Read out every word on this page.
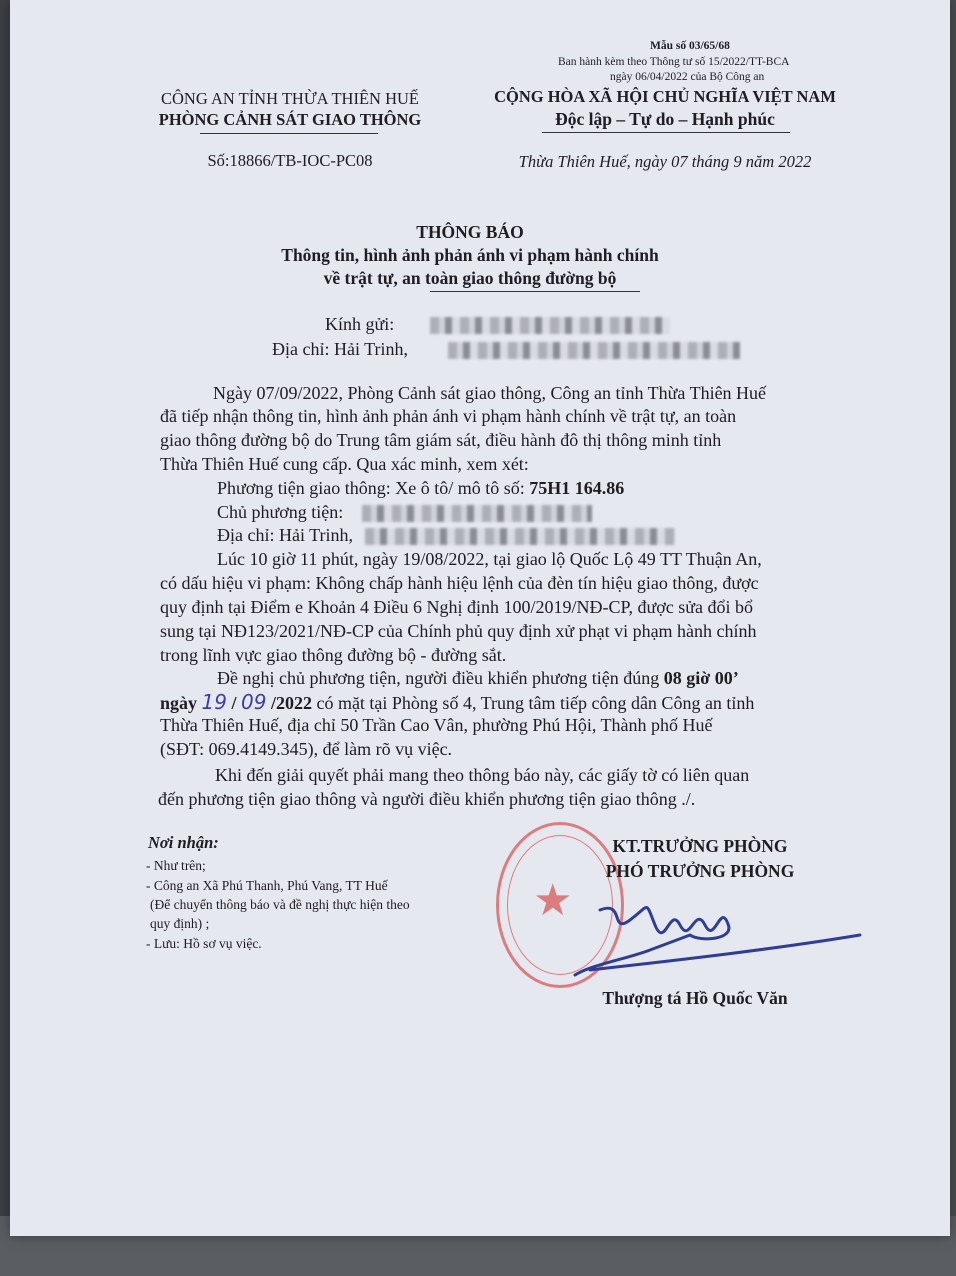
Mẫu số 03/65/68
Ban hành kèm theo Thông tư số 15/2022/TT-BCA
ngày 06/04/2022 của Bộ Công an
CÔNG AN TỈNH THỪA THIÊN HUẾ
PHÒNG CẢNH SÁT GIAO THÔNG
Số:18866/TB-IOC-PC08
CỘNG HÒA XÃ HỘI CHỦ NGHĨA VIỆT NAM
Độc lập – Tự do – Hạnh phúc
Thừa Thiên Huế, ngày 07 tháng 9 năm 2022
THÔNG BÁO
Thông tin, hình ảnh phản ánh vi phạm hành chính
về trật tự, an toàn giao thông đường bộ
Kính gửi:
Địa chỉ: Hải Trinh,
Ngày 07/09/2022, Phòng Cảnh sát giao thông, Công an tỉnh Thừa Thiên Huế
đã tiếp nhận thông tin, hình ảnh phản ánh vi phạm hành chính về trật tự, an toàn
giao thông đường bộ do Trung tâm giám sát, điều hành đô thị thông minh tỉnh
Thừa Thiên Huế cung cấp. Qua xác minh, xem xét:
Phương tiện giao thông: Xe ô tô/ mô tô số: 75H1 164.86
Chủ phương tiện:
Địa chỉ: Hải Trinh,
Lúc 10 giờ 11 phút, ngày 19/08/2022, tại giao lộ Quốc Lộ 49 TT Thuận An,
có dấu hiệu vi phạm: Không chấp hành hiệu lệnh của đèn tín hiệu giao thông, được
quy định tại Điểm e Khoản 4 Điều 6 Nghị định 100/2019/NĐ-CP, được sửa đổi bổ
sung tại NĐ123/2021/NĐ-CP của Chính phủ quy định xử phạt vi phạm hành chính
trong lĩnh vực giao thông đường bộ - đường sắt.
Đề nghị chủ phương tiện, người điều khiển phương tiện đúng 08 giờ 00’
ngày 19 / 09 /2022 có mặt tại Phòng số 4, Trung tâm tiếp công dân Công an tỉnh
Thừa Thiên Huế, địa chỉ 50 Trần Cao Vân, phường Phú Hội, Thành phố Huế
(SĐT: 069.4149.345), để làm rõ vụ việc.
Khi đến giải quyết phải mang theo thông báo này, các giấy tờ có liên quan
đến phương tiện giao thông và người điều khiển phương tiện giao thông ./.
Nơi nhận:
- Như trên;
- Công an Xã Phú Thanh, Phú Vang, TT Huế
(Để chuyển thông báo và đề nghị thực hiện theo
quy định) ;
- Lưu: Hồ sơ vụ việc.
★
KT.TRƯỞNG PHÒNG
PHÓ TRƯỞNG PHÒNG
Thượng tá Hồ Quốc Văn
